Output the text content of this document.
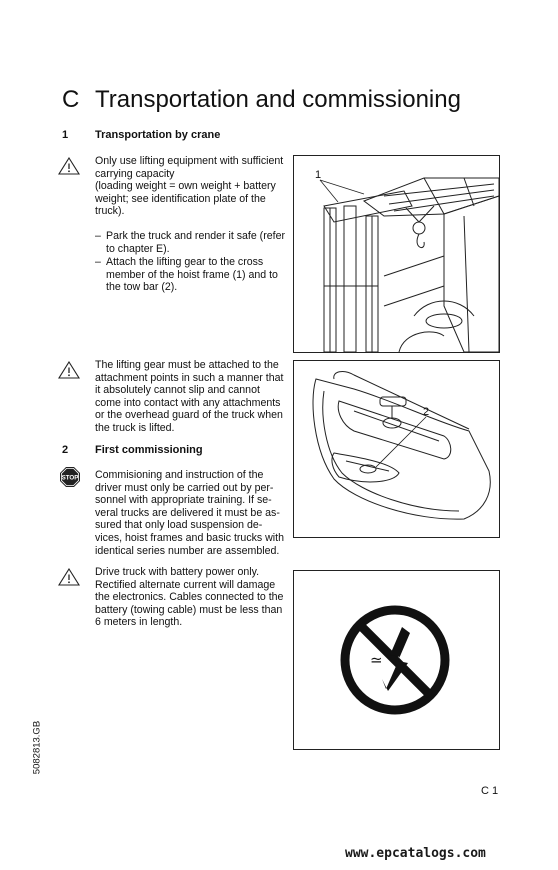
C Transportation and commissioning
1 Transportation by crane
Only use lifting equipment with sufficient
carrying capacity
(loading weight = own weight + battery
weight; see identification plate of the
truck).
– Park the truck and render it safe (refer
to chapter E).
– Attach the lifting gear to the cross
member of the hoist frame (1) and to
the tow bar (2).
1
The lifting gear must be attached to the
attachment points in such a manner that
it absolutely cannot slip and cannot
come into contact with any attachments
or the overhead guard of the truck when
the truck is lifted.
2
2 First commissioning
STOP Commisioning and instruction of the
driver must only be carried out by per-
sonnel with appropriate training. If se-
veral trucks are delivered it must be as-
sured that only load suspension de-
vices, hoist frames and basic trucks with
identical series number are assembled.
Drive truck with battery power only.
Rectified alternate current will damage
the electronics. Cables connected to the
battery (towing cable) must be less than
6 meters in length.
≃
5082813.GB
C 1
www.epcatalogs.com
